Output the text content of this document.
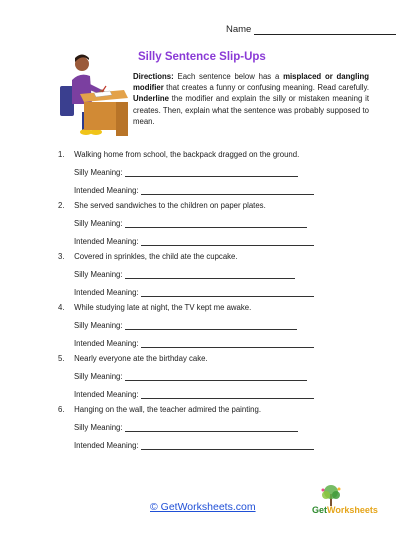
Name
Silly Sentence Slip-Ups
Directions: Each sentence below has a misplaced or dangling modifier that creates a funny or confusing meaning. Read carefully. Underline the modifier and explain the silly or mistaken meaning it creates. Then, explain what the sentence was probably supposed to mean.
1. Walking home from school, the backpack dragged on the ground.
Silly Meaning:
Intended Meaning:
2. She served sandwiches to the children on paper plates.
Silly Meaning:
Intended Meaning:
3. Covered in sprinkles, the child ate the cupcake.
Silly Meaning:
Intended Meaning:
4. While studying late at night, the TV kept me awake.
Silly Meaning:
Intended Meaning:
5. Nearly everyone ate the birthday cake.
Silly Meaning:
Intended Meaning:
6. Hanging on the wall, the teacher admired the painting.
Silly Meaning:
Intended Meaning:
© GetWorksheets.com	GetWorksheets
